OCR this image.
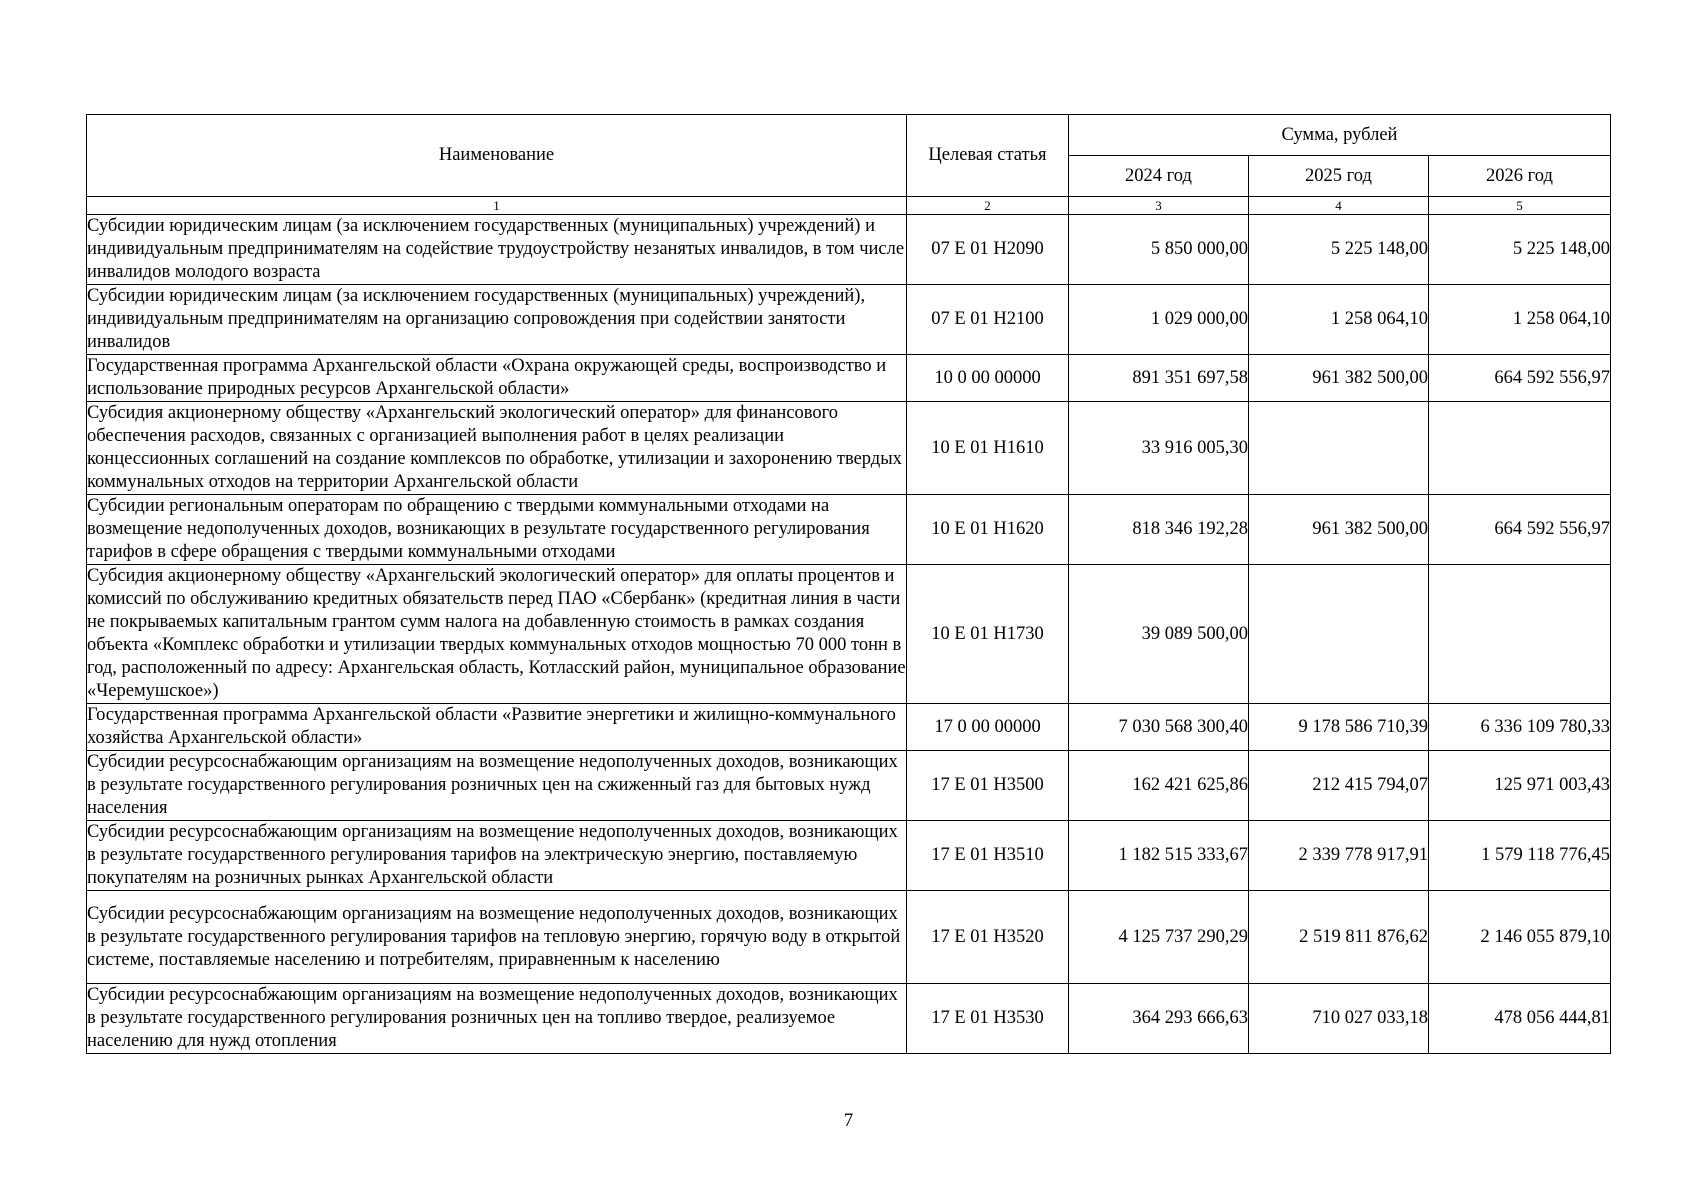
Наименование	Целевая статья	Сумма, рублей		
		2024 год	2025 год	2026 год
1	2	3	4	5
Субсидии юридическим лицам (за исключением государственных (муниципальных) учреждений) и индивидуальным предпринимателям на содействие трудоустройству незанятых инвалидов, в том числе инвалидов молодого возраста	07 Е 01 Н2090	5 850 000,00	5 225 148,00	5 225 148,00
Субсидии юридическим лицам (за исключением государственных (муниципальных) учреждений), индивидуальным предпринимателям на организацию сопровождения при содействии занятости инвалидов	07 Е 01 Н2100	1 029 000,00	1 258 064,10	1 258 064,10
Государственная программа Архангельской области «Охрана окружающей среды, воспроизводство и использование природных ресурсов Архангельской области»	10 0 00 00000	891 351 697,58	961 382 500,00	664 592 556,97
Субсидия акционерному обществу «Архангельский экологический оператор» для финансового обеспечения расходов, связанных с организацией выполнения работ в целях реализации концессионных соглашений на создание комплексов по обработке, утилизации и захоронению твердых коммунальных отходов на территории Архангельской области	10 Е 01 Н1610	33 916 005,30		
Субсидии региональным операторам по обращению с твердыми коммунальными отходами на возмещение недополученных доходов, возникающих в результате государственного регулирования тарифов в сфере обращения с твердыми коммунальными отходами	10 Е 01 Н1620	818 346 192,28	961 382 500,00	664 592 556,97
Субсидия акционерному обществу «Архангельский экологический оператор» для оплаты процентов и комиссий по обслуживанию кредитных обязательств перед ПАО «Сбербанк» (кредитная линия в части не покрываемых капитальным грантом сумм налога на добавленную стоимость в рамках создания объекта «Комплекс обработки и утилизации твердых коммунальных отходов мощностью 70 000 тонн в год, расположенный по адресу: Архангельская область, Котласский район, муниципальное образование «Черемушское»)	10 Е 01 Н1730	39 089 500,00		
Государственная программа Архангельской области «Развитие энергетики и жилищно-коммунального хозяйства Архангельской области»	17 0 00 00000	7 030 568 300,40	9 178 586 710,39	6 336 109 780,33
Субсидии ресурсоснабжающим организациям на возмещение недополученных доходов, возникающих в результате государственного регулирования розничных цен на сжиженный газ для бытовых нужд населения	17 Е 01 Н3500	162 421 625,86	212 415 794,07	125 971 003,43
Субсидии ресурсоснабжающим организациям на возмещение недополученных доходов, возникающих в результате государственного регулирования тарифов на электрическую энергию, поставляемую покупателям на розничных рынках Архангельской области	17 Е 01 Н3510	1 182 515 333,67	2 339 778 917,91	1 579 118 776,45
Субсидии ресурсоснабжающим организациям на возмещение недополученных доходов, возникающих в результате государственного регулирования тарифов на тепловую энергию, горячую воду в открытой системе, поставляемые населению и потребителям, приравненным к населению	17 Е 01 Н3520	4 125 737 290,29	2 519 811 876,62	2 146 055 879,10
Субсидии ресурсоснабжающим организациям на возмещение недополученных доходов, возникающих в результате государственного регулирования розничных цен на топливо твердое, реализуемое населению для нужд отопления	17 Е 01 Н3530	364 293 666,63	710 027 033,18	478 056 444,81
7
